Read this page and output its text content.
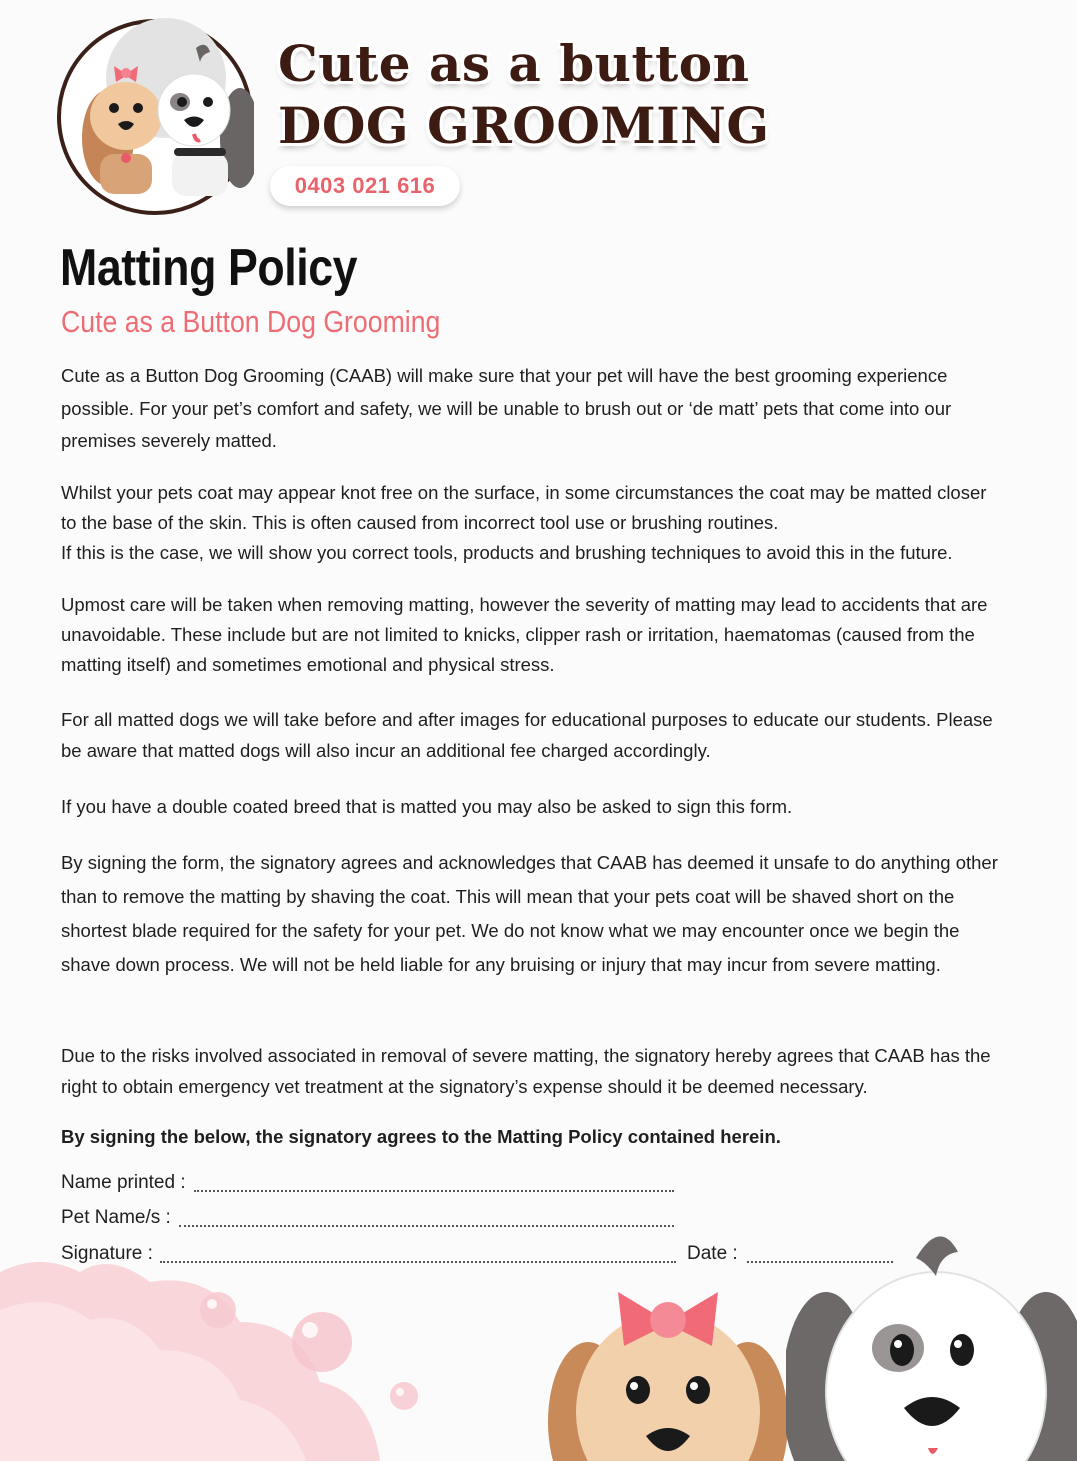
Cute as a button
DOG GROOMING
0403 021 616
Matting Policy
Cute as a Button Dog Grooming

Cute as a Button Dog Grooming (CAAB) will make sure that your pet will have the best grooming experience possible. For your pet’s comfort and safety, we will be unable to brush out or ‘de matt’ pets that come into our premises severely matted.

Whilst your pets coat may appear knot free on the surface, in some circumstances the coat may be matted closer to the base of the skin. This is often caused from incorrect tool use or brushing routines.
If this is the case, we will show you correct tools, products and brushing techniques to avoid this in the future.

Upmost care will be taken when removing matting, however the severity of matting may lead to accidents that are unavoidable. These include but are not limited to knicks, clipper rash or irritation, haematomas (caused from the matting itself) and sometimes emotional and physical stress.

For all matted dogs we will take before and after images for educational purposes to educate our students. Please be aware that matted dogs will also incur an additional fee charged accordingly.

If you have a double coated breed that is matted you may also be asked to sign this form.

By signing the form, the signatory agrees and acknowledges that CAAB has deemed it unsafe to do anything other than to remove the matting by shaving the coat. This will mean that your pets coat will be shaved short on the shortest blade required for the safety for your pet. We do not know what we may encounter once we begin the shave down process. We will not be held liable for any bruising or injury that may incur from severe matting.

Due to the risks involved associated in removal of severe matting, the signatory hereby agrees that CAAB has the right to obtain emergency vet treatment at the signatory’s expense should it be deemed necessary.

By signing the below, the signatory agrees to the Matting Policy contained herein.

Name printed :
Pet Name/s :
Signature :	Date :
